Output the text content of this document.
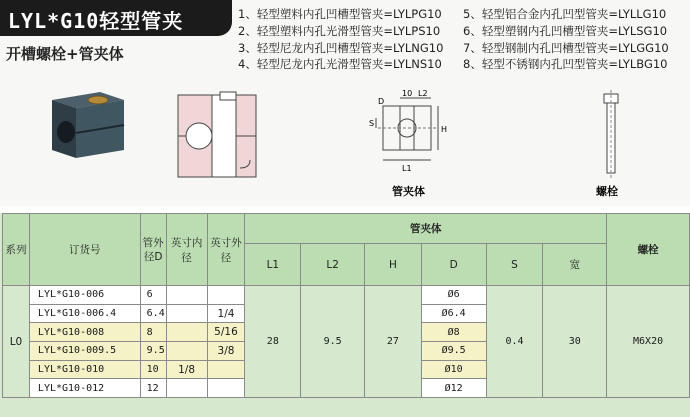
LYL*G10轻型管夹
开槽螺栓+管夹体
1、轻型塑料内孔凹槽型管夹=LYLPG10	5、轻型铝合金内孔凹型管夹=LYLLG10
2、轻型塑料内孔光滑型管夹=LYLPS10	6、轻型塑钢内孔凹槽型管夹=LYLSG10
3、轻型尼龙内孔凹槽型管夹=LYLNG10	7、轻型钢制内孔凹槽型管夹=LYLGG10
4、轻型尼龙内孔光滑型管夹=LYLNS10	8、轻型不锈钢内孔凹型管夹=LYLBG10
D
10 L2
S
H
L1
管夹体	螺栓
系列	订货号	管外径D	英寸内径	英寸外径	管夹体						螺栓
					L1	L2	H	D	S	宽	
L0	LYL*G10-006	6			28	9.5	27	Ø6	0.4	30	M6X20
	LYL*G10-006.4	6.4		1/4				Ø6.4			
	LYL*G10-008	8		5/16				Ø8			
	LYL*G10-009.5	9.5		3/8				Ø9.5			
	LYL*G10-010	10	1/8					Ø10			
	LYL*G10-012	12						Ø12			
